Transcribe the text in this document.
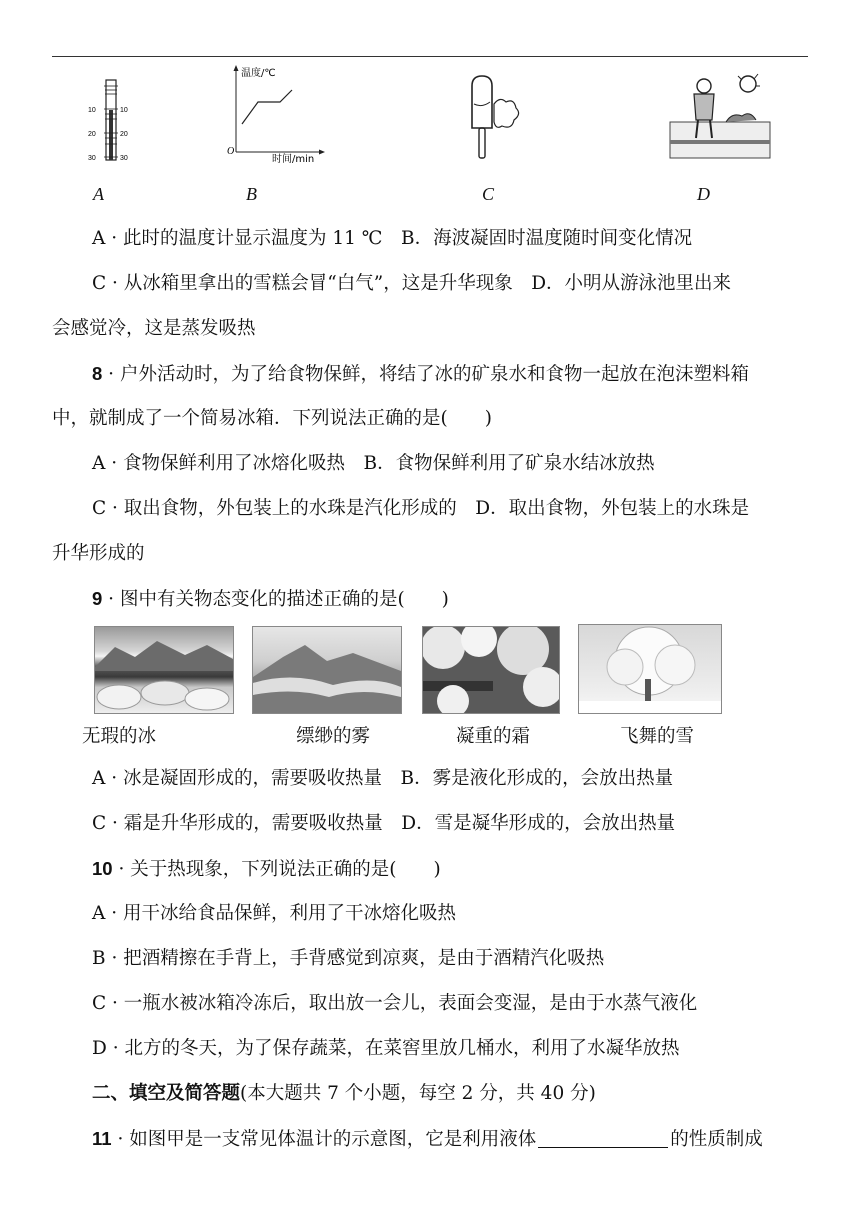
10
20
30
10
20
30
温度/℃
时间/min
O
A	B	C	D
A · 此时的温度计显示温度为 11 ℃　B．海波凝固时温度随时间变化情况
C · 从冰箱里拿出的雪糕会冒“白气”，这是升华现象　D．小明从游泳池里出来
会感觉冷，这是蒸发吸热
8 · 户外活动时，为了给食物保鲜，将结了冰的矿泉水和食物一起放在泡沫塑料箱
中，就制成了一个简易冰箱．下列说法正确的是(　　)
A · 食物保鲜利用了冰熔化吸热　B．食物保鲜利用了矿泉水结冰放热
C · 取出食物，外包装上的水珠是汽化形成的　D．取出食物，外包装上的水珠是
升华形成的
9 · 图中有关物态变化的描述正确的是(　　)
无瑕的冰	缥缈的雾	凝重的霜	飞舞的雪
A · 冰是凝固形成的，需要吸收热量　B．雾是液化形成的，会放出热量
C · 霜是升华形成的，需要吸收热量　D．雪是凝华形成的，会放出热量
10 · 关于热现象，下列说法正确的是(　　)
A · 用干冰给食品保鲜，利用了干冰熔化吸热
B · 把酒精擦在手背上，手背感觉到凉爽，是由于酒精汽化吸热
C · 一瓶水被冰箱冷冻后，取出放一会儿，表面会变湿，是由于水蒸气液化
D · 北方的冬天，为了保存蔬菜，在菜窖里放几桶水，利用了水凝华放热
二、填空及简答题(本大题共 7 个小题，每空 2 分，共 40 分)
11 · 如图甲是一支常见体温计的示意图，它是利用液体	的性质制成
